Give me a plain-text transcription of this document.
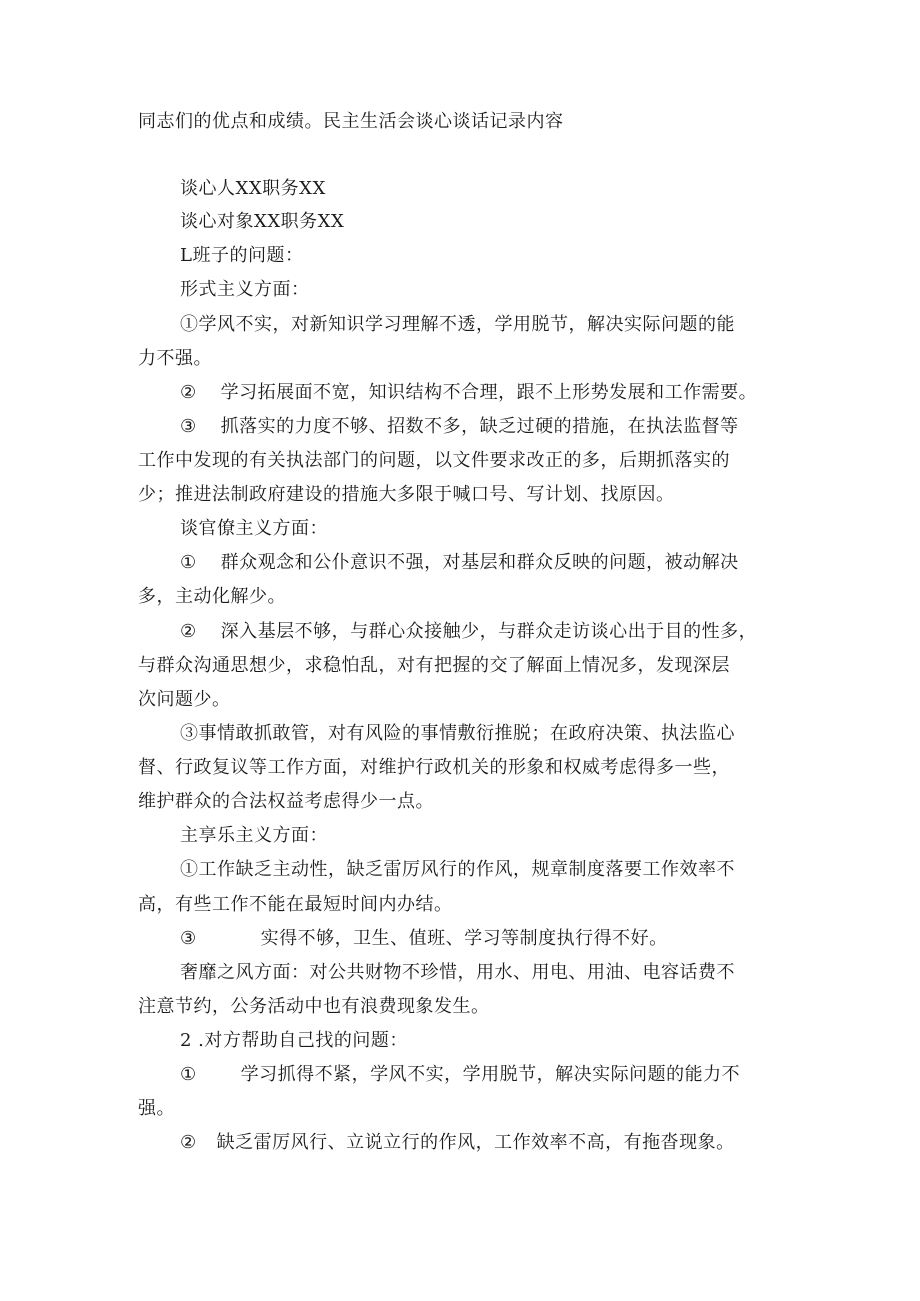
同志们的优点和成绩。民主生活会谈心谈话记录内容
谈心人XX职务XX
谈心对象XX职务XX
L班子的问题：
形式主义方面：
①学风不实，对新知识学习理解不透，学用脱节，解决实际问题的能
力不强。
② 学习拓展面不宽，知识结构不合理，跟不上形势发展和工作需要。
③ 抓落实的力度不够、招数不多，缺乏过硬的措施，在执法监督等
工作中发现的有关执法部门的问题，以文件要求改正的多，后期抓落实的
少；推进法制政府建设的措施大多限于喊口号、写计划、找原因。
谈官僚主义方面：
① 群众观念和公仆意识不强，对基层和群众反映的问题，被动解决
多，主动化解少。
② 深入基层不够，与群心众接触少，与群众走访谈心出于目的性多，
与群众沟通思想少，求稳怕乱，对有把握的交了解面上情况多，发现深层
次问题少。
③事情敢抓敢管，对有风险的事情敷衍推脱；在政府决策、执法监心
督、行政复议等工作方面，对维护行政机关的形象和权威考虑得多一些，
维护群众的合法权益考虑得少一点。
主享乐主义方面：
①工作缺乏主动性，缺乏雷厉风行的作风，规章制度落要工作效率不
高，有些工作不能在最短时间内办结。
③	实得不够，卫生、值班、学习等制度执行得不好。
奢靡之风方面：对公共财物不珍惜，用水、用电、用油、电容话费不
注意节约，公务活动中也有浪费现象发生。
2 .对方帮助自己找的问题：
① 学习抓得不紧，学风不实，学用脱节，解决实际问题的能力不
强。
② 缺乏雷厉风行、立说立行的作风，工作效率不高，有拖沓现象。
